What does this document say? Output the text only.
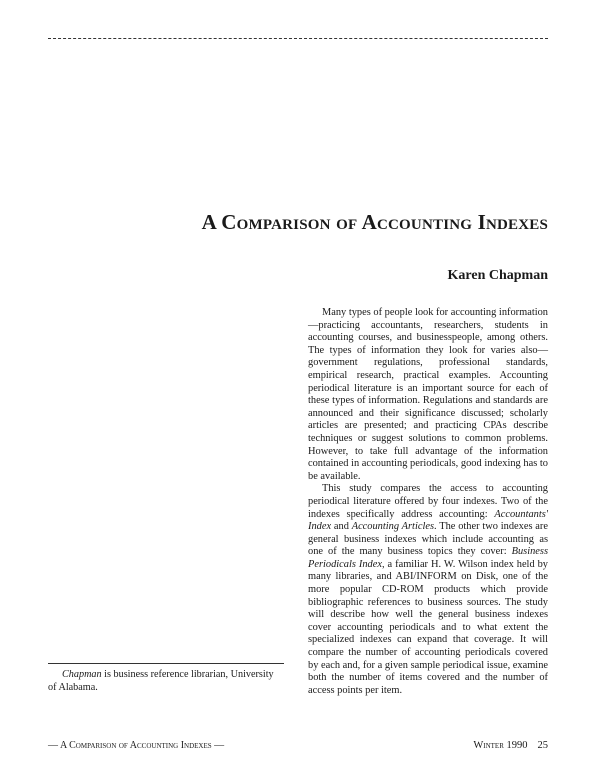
A Comparison of Accounting Indexes
Karen Chapman

Many types of people look for accounting information—practicing accountants, researchers, students in accounting courses, and businesspeople, among others. The types of information they look for varies also—government regulations, professional standards, empirical research, practical examples. Accounting periodical literature is an important source for each of these types of information. Regulations and standards are announced and their significance discussed; scholarly articles are presented; and practicing CPAs describe techniques or suggest solutions to common problems. However, to take full advantage of the information contained in accounting periodicals, good indexing has to be available.

This study compares the access to accounting periodical literature offered by four indexes. Two of the indexes specifically address accounting: Accountants' Index and Accounting Articles. The other two indexes are general business indexes which include accounting as one of the many business topics they cover: Business Periodicals Index, a familiar H. W. Wilson index held by many libraries, and ABI/INFORM on Disk, one of the more popular CD-ROM products which provide bibliographic references to business sources. The study will describe how well the general business indexes cover accounting periodicals and to what extent the specialized indexes can expand that coverage. It will compare the number of accounting periodicals covered by each and, for a given sample periodical issue, examine both the number of items covered and the number of access points per item.

Chapman is business reference librarian, University of Alabama.
— A Comparison of Accounting Indexes —	Winter 1990 25
